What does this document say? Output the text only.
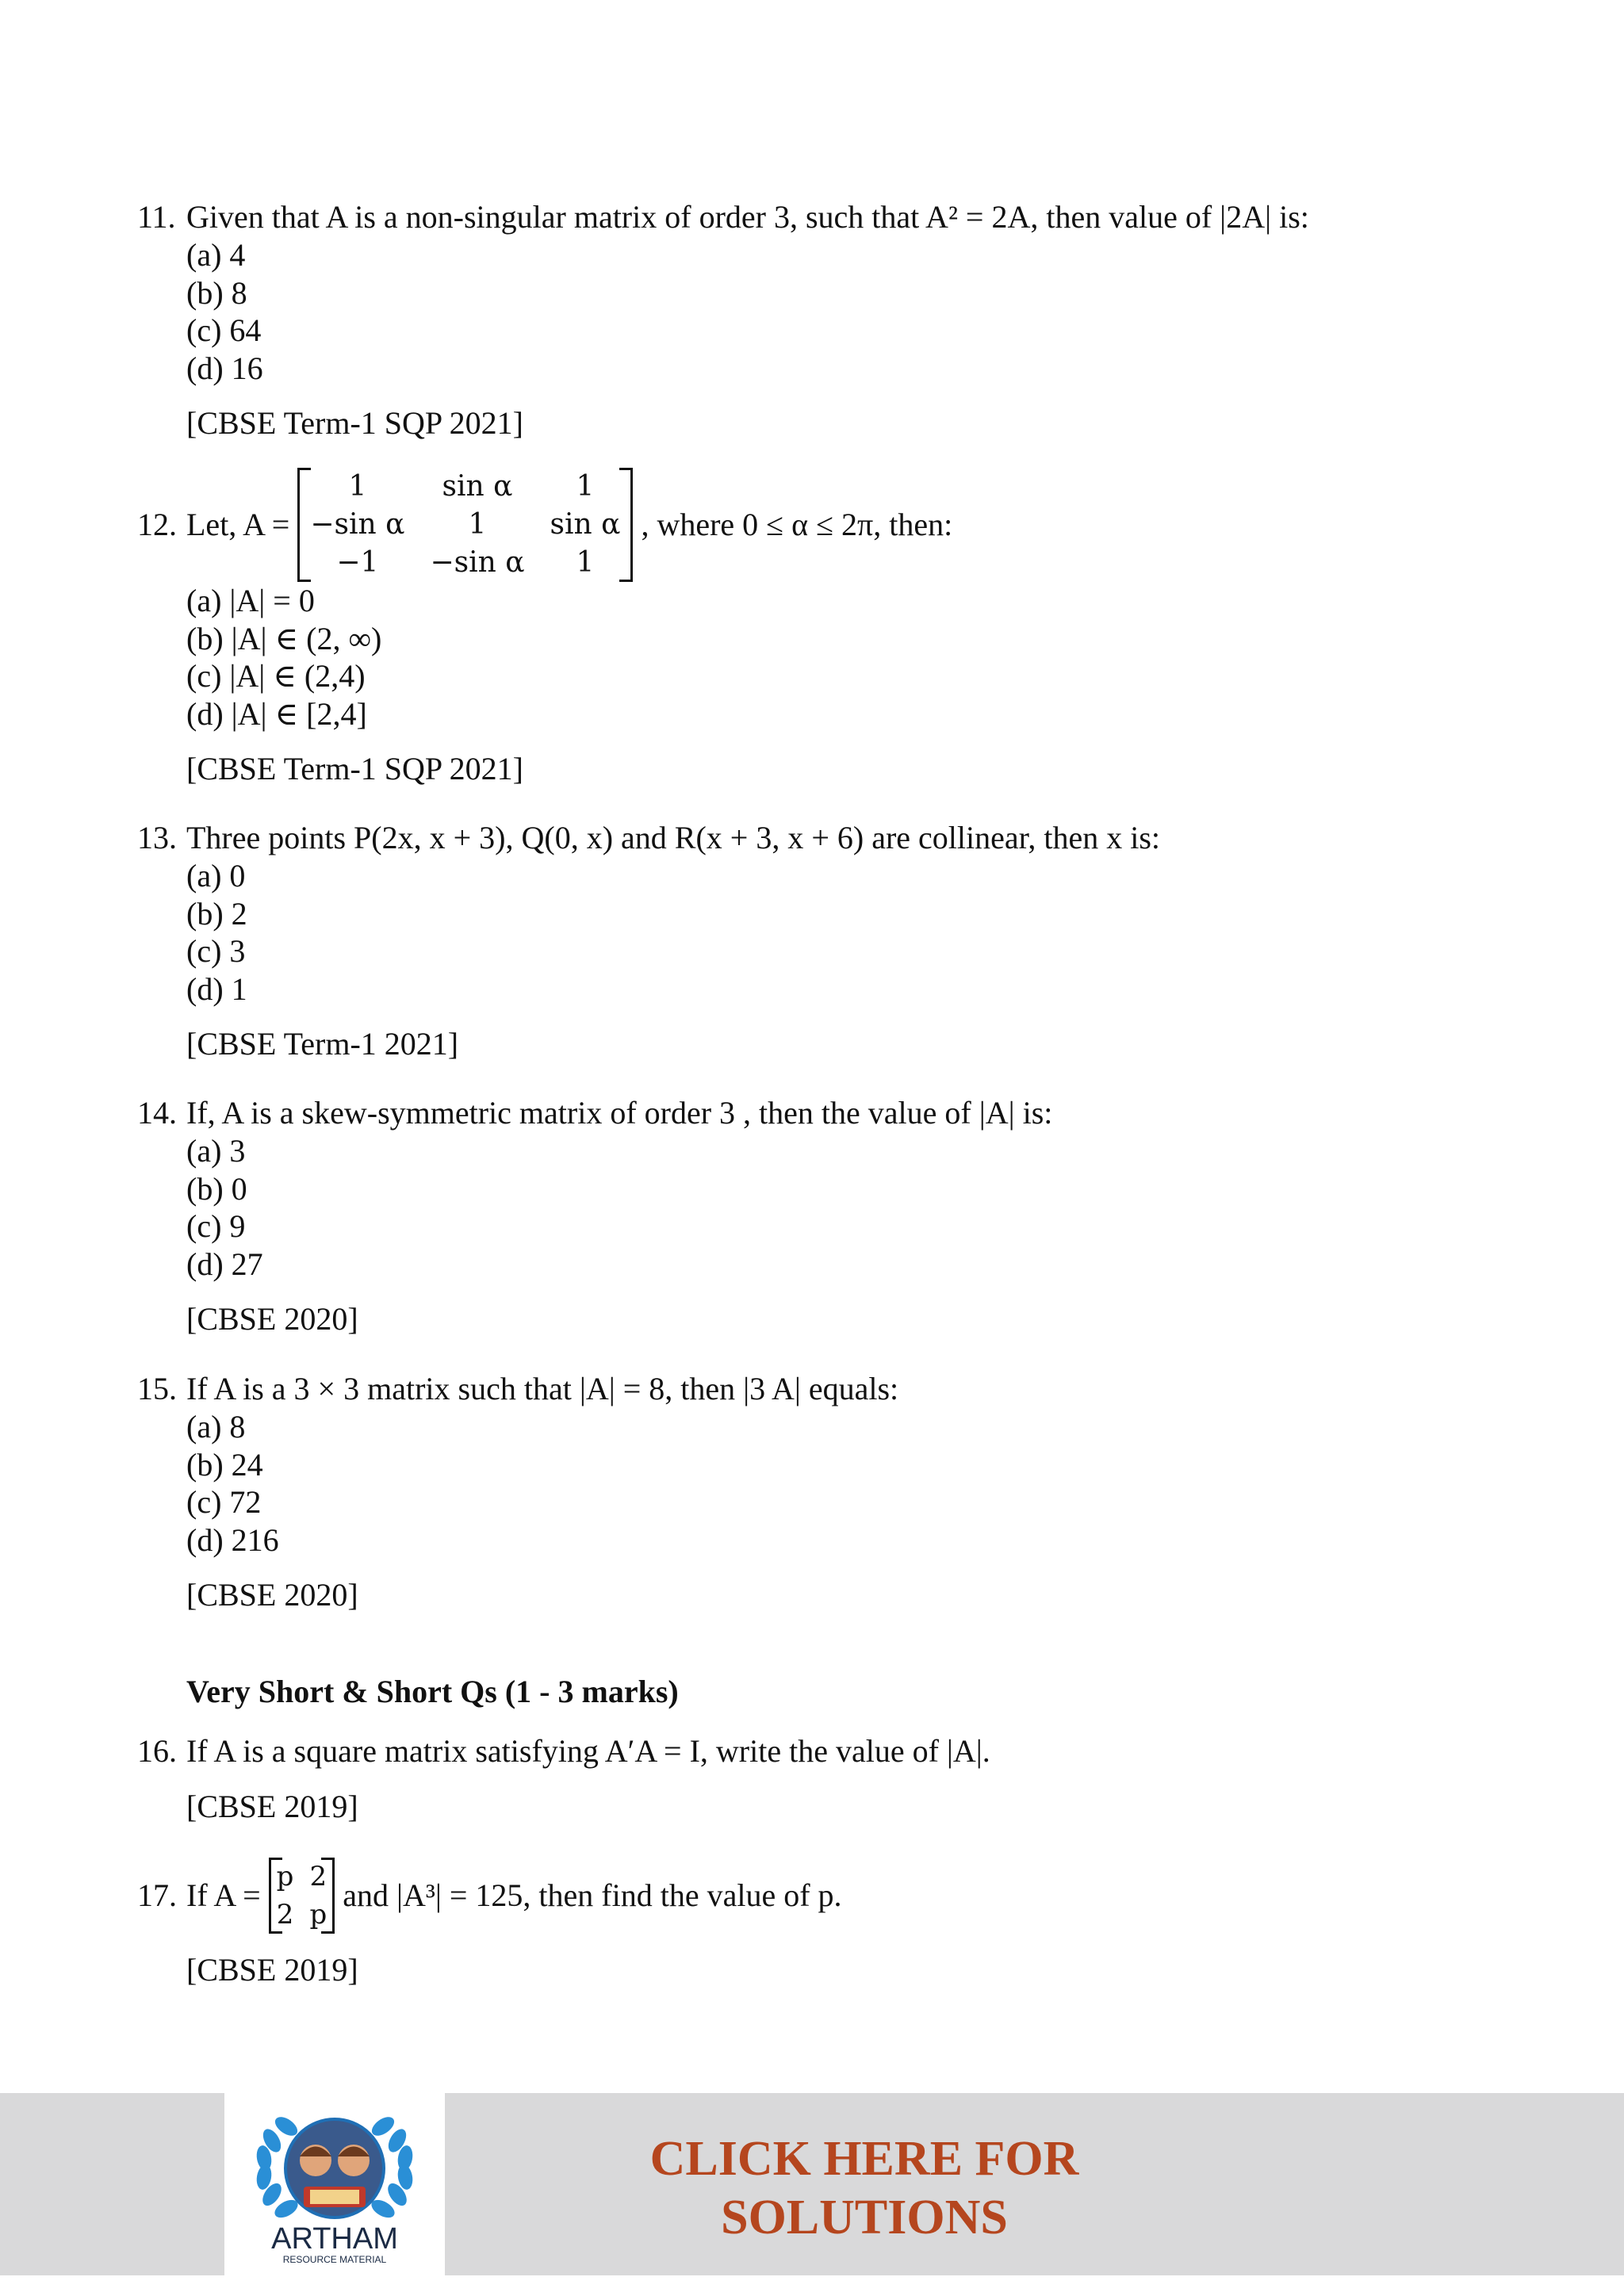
11. Given that A is a non-singular matrix of order 3, such that A² = 2A, then value of |2A| is:
(a) 4
(b) 8
(c) 64
(d) 16
[CBSE Term-1 SQP 2021]
12. Let, A =
1	sin α	1
−sin α	1	sin α
−1	−sin α	1
, where 0 ≤ α ≤ 2π, then:
(a) |A| = 0
(b) |A| ∈ (2, ∞)
(c) |A| ∈ (2,4)
(d) |A| ∈ [2,4]
[CBSE Term-1 SQP 2021]
13. Three points P(2x, x + 3), Q(0, x) and R(x + 3, x + 6) are collinear, then x is:
(a) 0
(b) 2
(c) 3
(d) 1
[CBSE Term-1 2021]
14. If, A is a skew-symmetric matrix of order 3 , then the value of |A| is:
(a) 3
(b) 0
(c) 9
(d) 27
[CBSE 2020]
15. If A is a 3 × 3 matrix such that |A| = 8, then |3 A| equals:
(a) 8
(b) 24
(c) 72
(d) 216
[CBSE 2020]
Very Short & Short Qs (1 - 3 marks)
16. If A is a square matrix satisfying A′A = I, write the value of |A|.
[CBSE 2019]
17. If A =
p	2
2	p
and |A³| = 125, then find the value of p.
[CBSE 2019]
ARTHAM
RESOURCE MATERIAL
CLICK HERE FOR
SOLUTIONS
